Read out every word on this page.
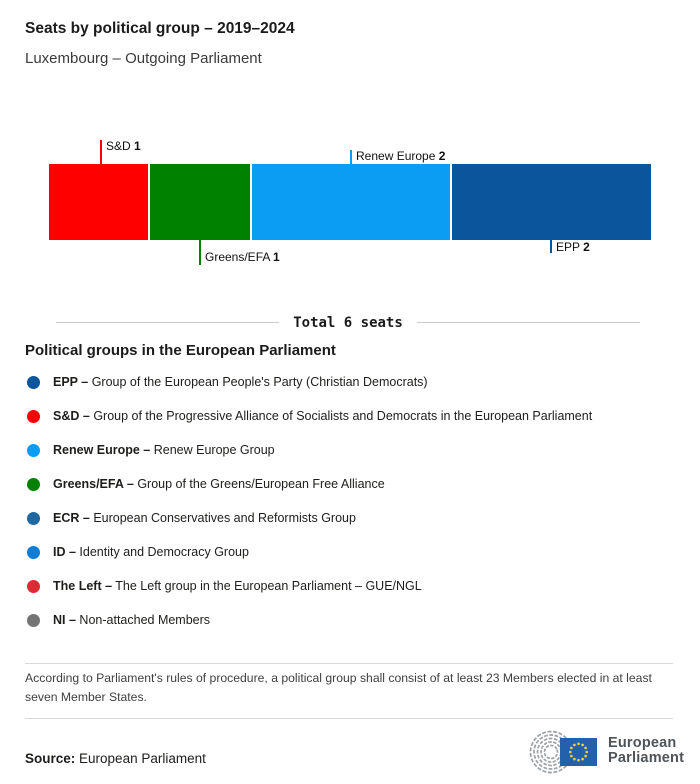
Seats by political group – 2019–2024
Luxembourg – Outgoing Parliament
S&D 1
Renew Europe 2
Greens/EFA 1
EPP 2
Total 6 seats
Political groups in the European Parliament
EPP – Group of the European People's Party (Christian Democrats)
S&D – Group of the Progressive Alliance of Socialists and Democrats in the European Parliament
Renew Europe – Renew Europe Group
Greens/EFA – Group of the Greens/European Free Alliance
ECR – European Conservatives and Reformists Group
ID – Identity and Democracy Group
The Left – The Left group in the European Parliament – GUE/NGL
NI – Non-attached Members
According to Parliament's rules of procedure, a political group shall consist of at least 23 Members elected in at least seven Member States.
Source: European Parliament
European
Parliament
